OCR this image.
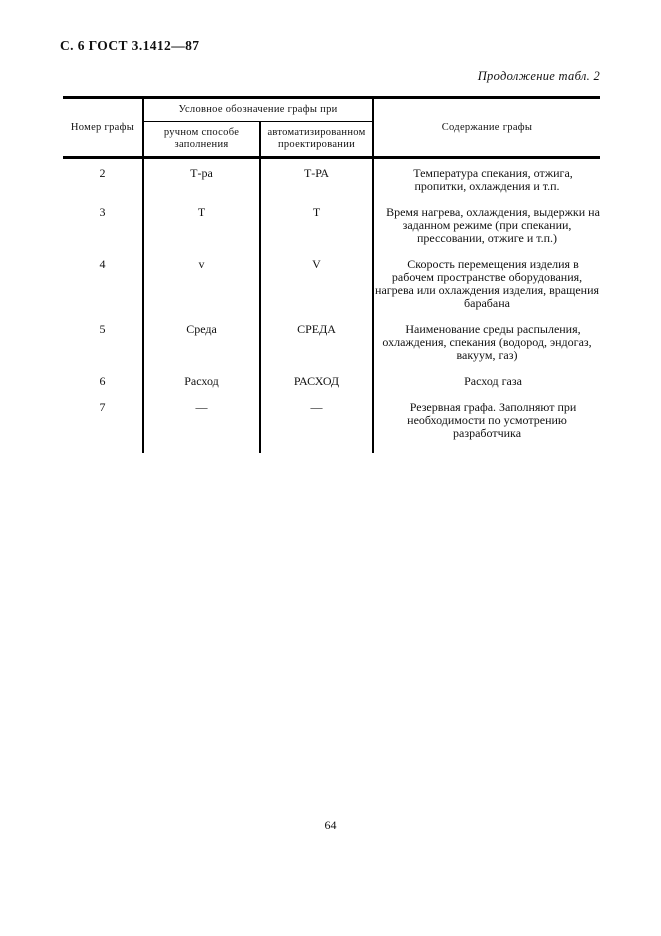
С. 6 ГОСТ 3.1412—87
Продолжение табл. 2
Номер графы	Условное обозначение графы при		Содержание графы
	ручном способе заполнения	автоматизированном проектировании	
2	Т-ра	Т-РА	Температура спекания, отжига, пропитки, охлаждения и т.п.
3	Т	Т	Время нагрева, охлаждения, выдержки на заданном режиме (при спекании, прессовании, отжиге и т.п.)
4	v	V	Скорость перемещения изделия в рабочем пространстве оборудования, нагрева или охлаждения изделия, вращения барабана
5	Среда	СРЕДА	Наименование среды распыления, охлаждения, спекания (водород, эндогаз, вакуум, газ)
6	Расход	РАСХОД	Расход газа
7	—	—	Резервная графа. Заполняют при необходимости по усмотрению разработчика

64
